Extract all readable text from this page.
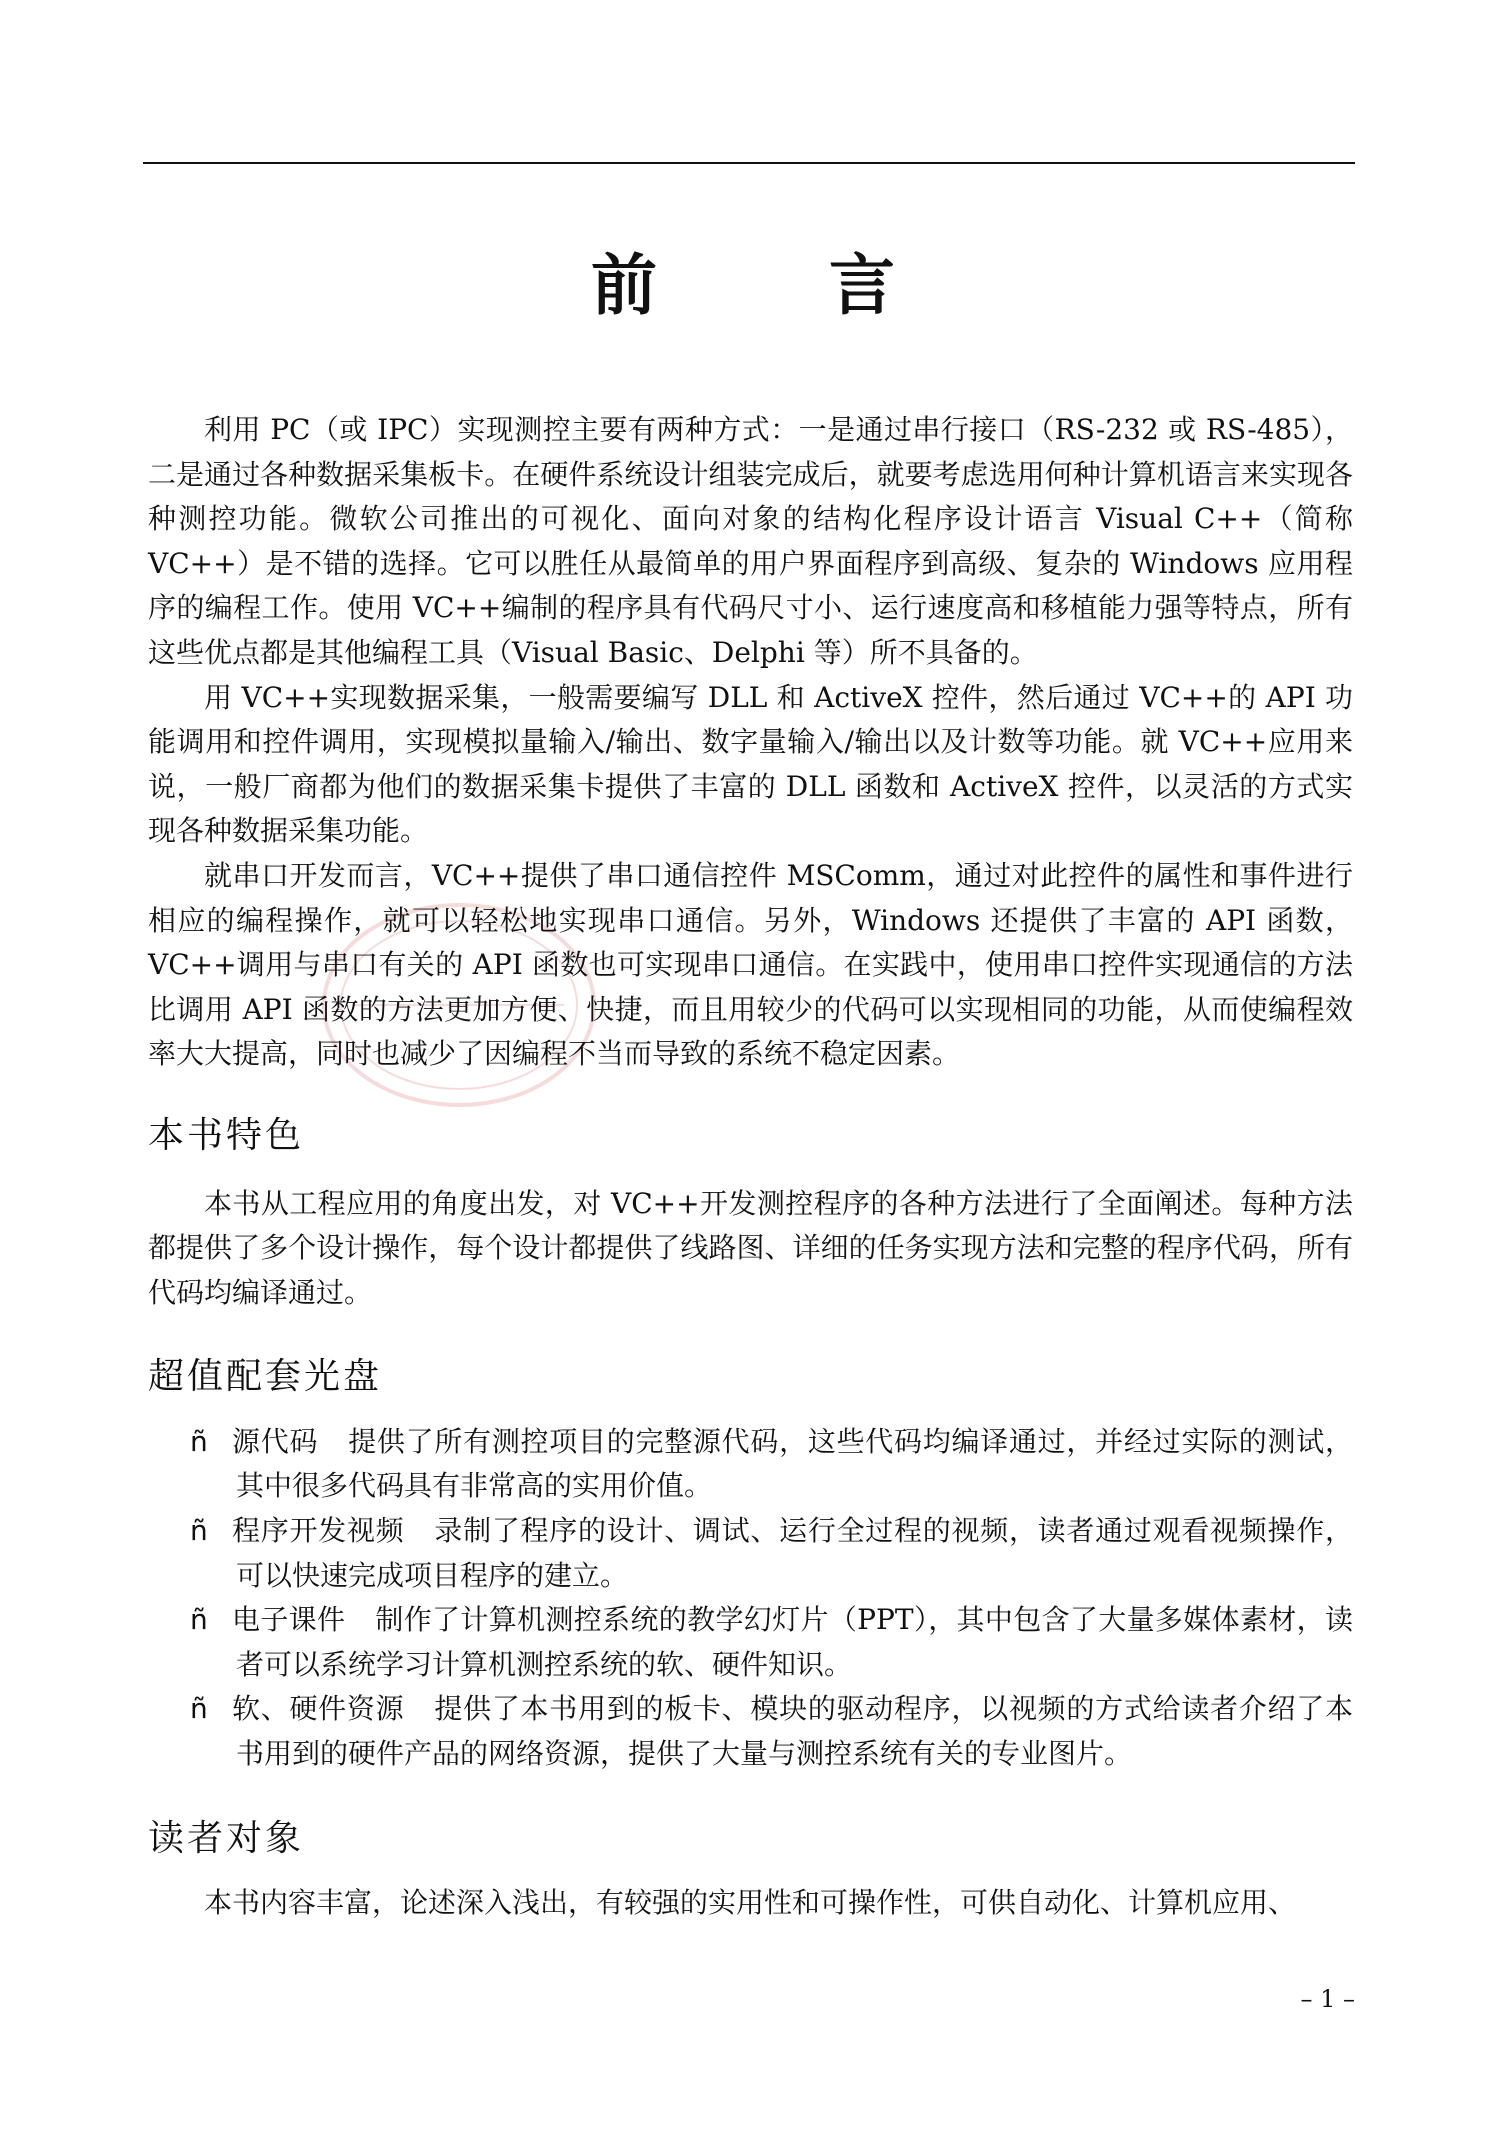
前	言

利用 PC（或 IPC）实现测控主要有两种方式：一是通过串行接口（RS-232 或 RS-485），二是通过各种数据采集板卡。在硬件系统设计组装完成后，就要考虑选用何种计算机语言来实现各种测控功能。微软公司推出的可视化、面向对象的结构化程序设计语言 Visual C++（简称 VC++）是不错的选择。它可以胜任从最简单的用户界面程序到高级、复杂的 Windows 应用程序的编程工作。使用 VC++编制的程序具有代码尺寸小、运行速度高和移植能力强等特点，所有这些优点都是其他编程工具（Visual Basic、Delphi 等）所不具备的。

用 VC++实现数据采集，一般需要编写 DLL 和 ActiveX 控件，然后通过 VC++的 API 功能调用和控件调用，实现模拟量输入/输出、数字量输入/输出以及计数等功能。就 VC++应用来说，一般厂商都为他们的数据采集卡提供了丰富的 DLL 函数和 ActiveX 控件，以灵活的方式实现各种数据采集功能。

就串口开发而言，VC++提供了串口通信控件 MSComm，通过对此控件的属性和事件进行相应的编程操作，就可以轻松地实现串口通信。另外，Windows 还提供了丰富的 API 函数，VC++调用与串口有关的 API 函数也可实现串口通信。在实践中，使用串口控件实现通信的方法比调用 API 函数的方法更加方便、快捷，而且用较少的代码可以实现相同的功能，从而使编程效率大大提高，同时也减少了因编程不当而导致的系统不稳定因素。

本书特色

本书从工程应用的角度出发，对 VC++开发测控程序的各种方法进行了全面阐述。每种方法都提供了多个设计操作，每个设计都提供了线路图、详细的任务实现方法和完整的程序代码，所有代码均编译通过。

超值配套光盘
ñ 源代码 提供了所有测控项目的完整源代码，这些代码均编译通过，并经过实际的测试，其中很多代码具有非常高的实用价值。
ñ 程序开发视频 录制了程序的设计、调试、运行全过程的视频，读者通过观看视频操作，可以快速完成项目程序的建立。
ñ 电子课件 制作了计算机测控系统的教学幻灯片（PPT），其中包含了大量多媒体素材，读者可以系统学习计算机测控系统的软、硬件知识。
ñ 软、硬件资源 提供了本书用到的板卡、模块的驱动程序，以视频的方式给读者介绍了本书用到的硬件产品的网络资源，提供了大量与测控系统有关的专业图片。
读者对象

本书内容丰富，论述深入浅出，有较强的实用性和可操作性，可供自动化、计算机应用、

– 1 –
